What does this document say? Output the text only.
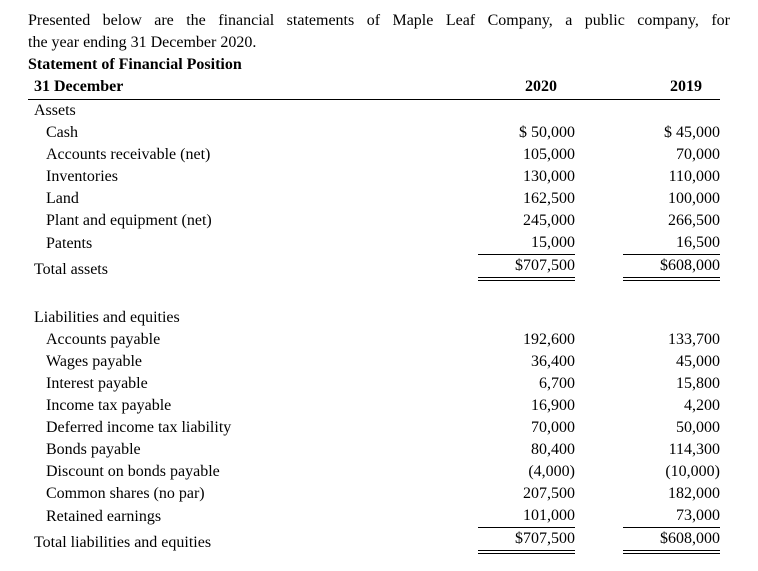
Presented below are the financial statements of Maple Leaf Company, a public company, for

the year ending 31 December 2020.

Statement of Financial Position
31 December	2020	2019
Assets
Cash	$ 50,000	$ 45,000
Accounts receivable (net)	105,000	70,000
Inventories	130,000	110,000
Land	162,500	100,000
Plant and equipment (net)	245,000	266,500
Patents	15,000	16,500
Total assets	$707,500	$608,000
Liabilities and equities
Accounts payable	192,600	133,700
Wages payable	36,400	45,000
Interest payable	6,700	15,800
Income tax payable	16,900	4,200
Deferred income tax liability	70,000	50,000
Bonds payable	80,400	114,300
Discount on bonds payable	(4,000)	(10,000)
Common shares (no par)	207,500	182,000
Retained earnings	101,000	73,000
Total liabilities and equities	$707,500	$608,000
